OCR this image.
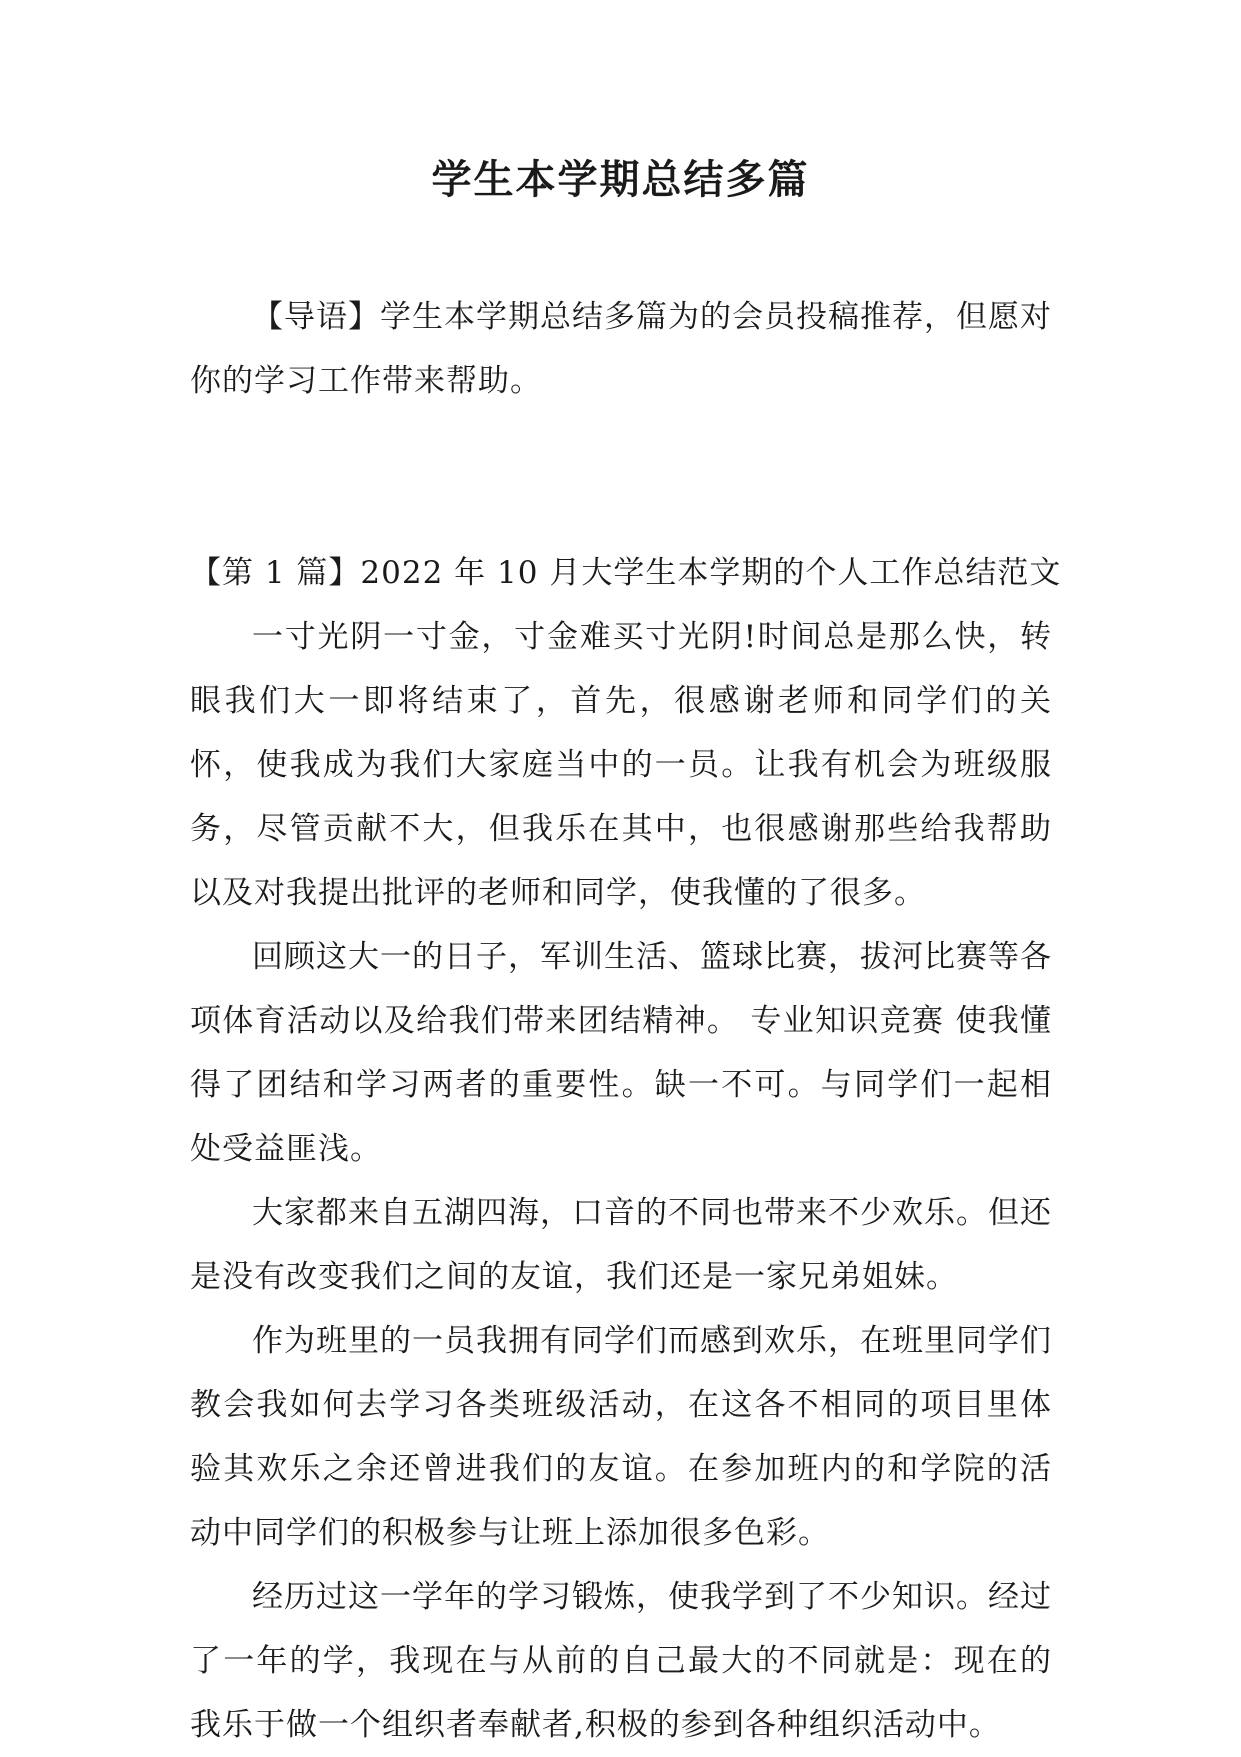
学生本学期总结多篇

【导语】学生本学期总结多篇为的会员投稿推荐，但愿对你的学习工作带来帮助。

【第 1 篇】2022 年 10 月大学生本学期的个人工作总结范文

一寸光阴一寸金，寸金难买寸光阴!时间总是那么快，转眼我们大一即将结束了，首先，很感谢老师和同学们的关怀，使我成为我们大家庭当中的一员。让我有机会为班级服务，尽管贡献不大，但我乐在其中，也很感谢那些给我帮助以及对我提出批评的老师和同学，使我懂的了很多。

回顾这大一的日子，军训生活、篮球比赛，拔河比赛等各项体育活动以及给我们带来团结精神。 专业知识竞赛 使我懂得了团结和学习两者的重要性。缺一不可。与同学们一起相处受益匪浅。

大家都来自五湖四海，口音的不同也带来不少欢乐。但还是没有改变我们之间的友谊，我们还是一家兄弟姐妹。

作为班里的一员我拥有同学们而感到欢乐，在班里同学们教会我如何去学习各类班级活动，在这各不相同的项目里体验其欢乐之余还曾进我们的友谊。在参加班内的和学院的活动中同学们的积极参与让班上添加很多色彩。

经历过这一学年的学习锻炼，使我学到了不少知识。经过了一年的学，我现在与从前的自己最大的不同就是：现在的我乐于做一个组织者奉献者,积极的参到各种组织活动中。
